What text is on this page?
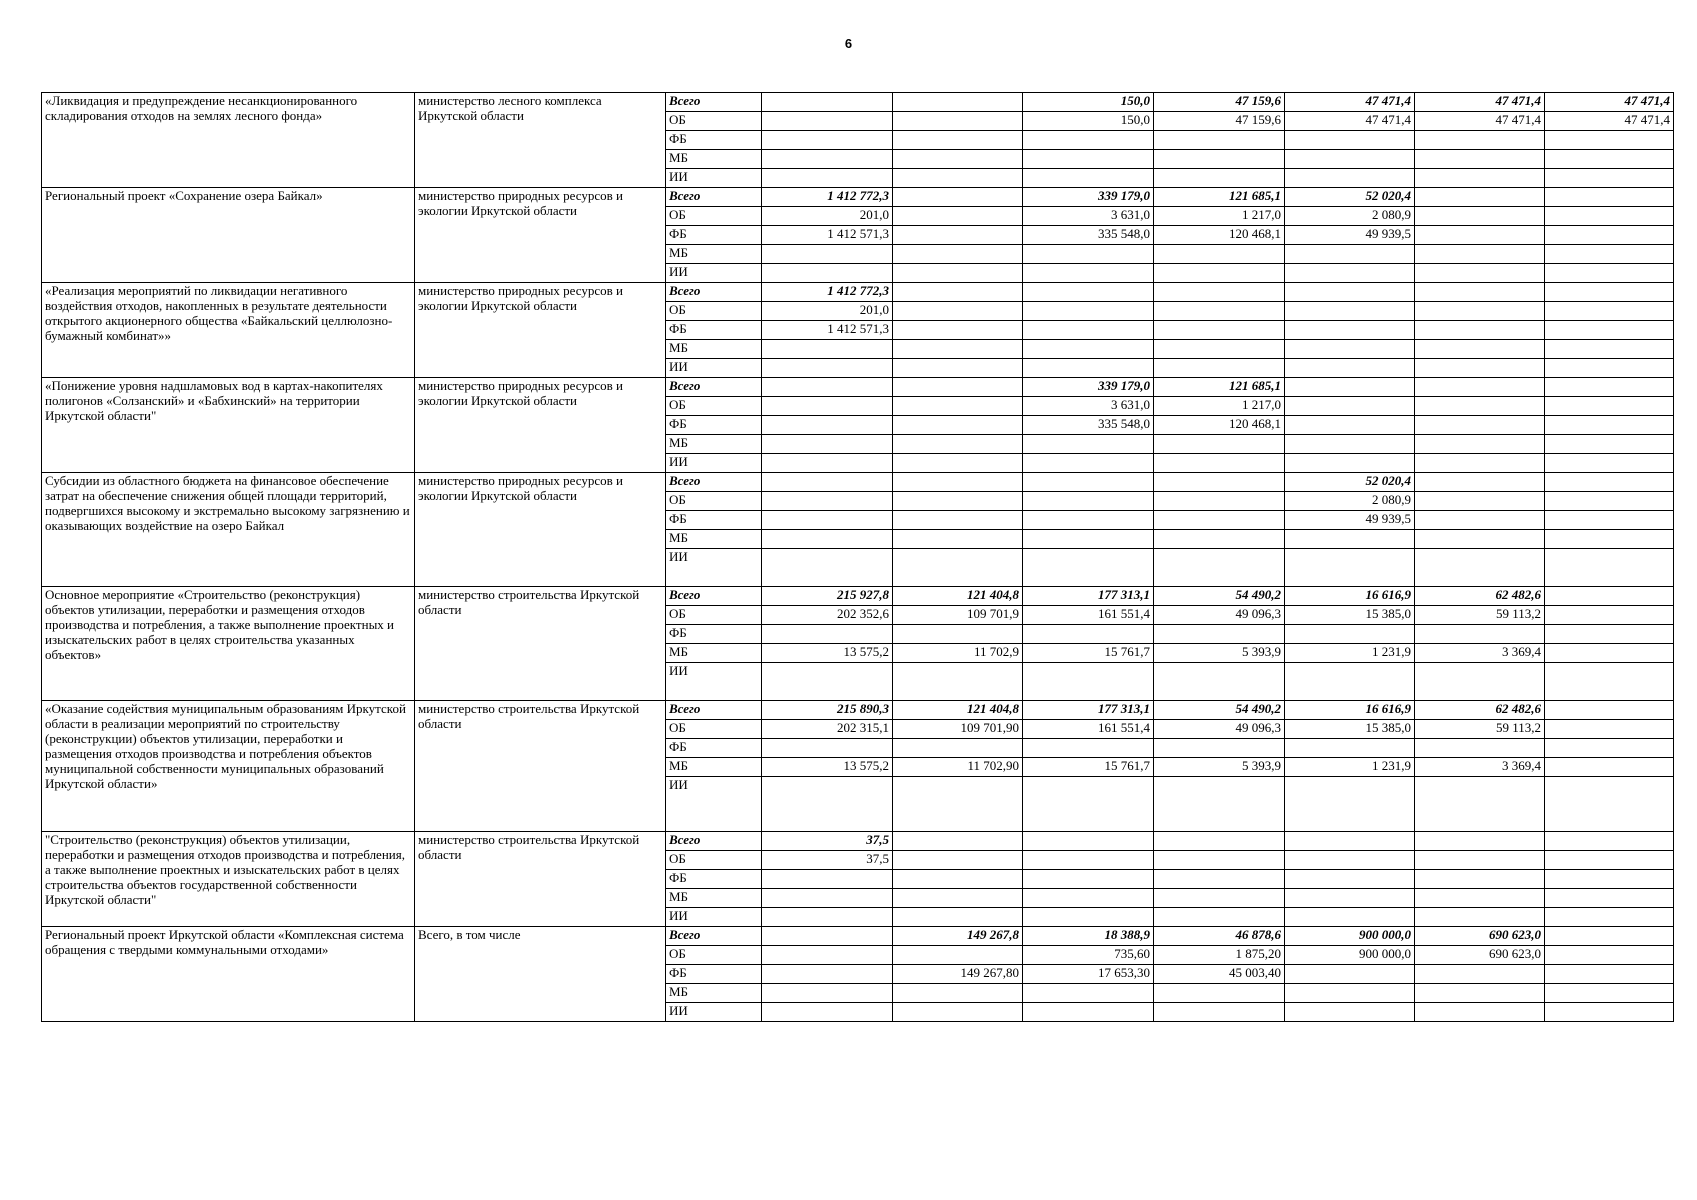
6
«Ликвидация и предупреждение несанкционированного складирования отходов на землях лесного фонда»	министерство лесного комплекса Иркутской области	Всего			150,0	47 159,6	47 471,4	47 471,4	47 471,4
		ОБ			150,0	47 159,6	47 471,4	47 471,4	47 471,4
		ФБ							
		МБ							
		ИИ							
Региональный проект «Сохранение озера Байкал»	министерство природных ресурсов и экологии Иркутской области	Всего	1 412 772,3		339 179,0	121 685,1	52 020,4		
		ОБ	201,0		3 631,0	1 217,0	2 080,9		
		ФБ	1 412 571,3		335 548,0	120 468,1	49 939,5		
		МБ							
		ИИ							
«Реализация мероприятий по ликвидации негативного воздействия отходов, накопленных в результате деятельности открытого акционерного общества «Байкальский целлюлозно-бумажный комбинат»»	министерство природных ресурсов и экологии Иркутской области	Всего	1 412 772,3						
		ОБ	201,0						
		ФБ	1 412 571,3						
		МБ							
		ИИ							
«Понижение уровня надшламовых вод в картах-накопителях полигонов «Солзанский» и «Бабхинский» на территории Иркутской области"	министерство природных ресурсов и экологии Иркутской области	Всего			339 179,0	121 685,1			
		ОБ			3 631,0	1 217,0			
		ФБ			335 548,0	120 468,1			
		МБ							
		ИИ							
Субсидии из областного бюджета на финансовое обеспечение затрат на обеспечение снижения общей площади территорий, подвергшихся высокому и экстремально высокому загрязнению и оказывающих воздействие на озеро Байкал	министерство природных ресурсов и экологии Иркутской области	Всего					52 020,4		
		ОБ					2 080,9		
		ФБ					49 939,5		
		МБ							
		ИИ							
Основное мероприятие «Строительство (реконструкция) объектов утилизации, переработки и размещения отходов производства и потребления, а также выполнение проектных и изыскательских работ в целях строительства указанных объектов»	министерство строительства Иркутской области	Всего	215 927,8	121 404,8	177 313,1	54 490,2	16 616,9	62 482,6	
		ОБ	202 352,6	109 701,9	161 551,4	49 096,3	15 385,0	59 113,2	
		ФБ							
		МБ	13 575,2	11 702,9	15 761,7	5 393,9	1 231,9	3 369,4	
		ИИ							
«Оказание содействия муниципальным образованиям Иркутской области в реализации мероприятий по строительству (реконструкции) объектов утилизации, переработки и размещения отходов производства и потребления объектов муниципальной собственности муниципальных образований Иркутской области»	министерство строительства Иркутской области	Всего	215 890,3	121 404,8	177 313,1	54 490,2	16 616,9	62 482,6	
		ОБ	202 315,1	109 701,90	161 551,4	49 096,3	15 385,0	59 113,2	
		ФБ							
		МБ	13 575,2	11 702,90	15 761,7	5 393,9	1 231,9	3 369,4	
		ИИ							
"Строительство (реконструкция) объектов утилизации, переработки и размещения отходов производства и потребления, а также выполнение проектных и изыскательских работ в целях строительства объектов государственной собственности Иркутской области"	министерство строительства Иркутской области	Всего	37,5						
		ОБ	37,5						
		ФБ							
		МБ							
		ИИ							
Региональный проект Иркутской области «Комплексная система обращения с твердыми коммунальными отходами»	Всего, в том числе	Всего		149 267,8	18 388,9	46 878,6	900 000,0	690 623,0	
		ОБ			735,60	1 875,20	900 000,0	690 623,0	
		ФБ		149 267,80	17 653,30	45 003,40			
		МБ							
		ИИ							
